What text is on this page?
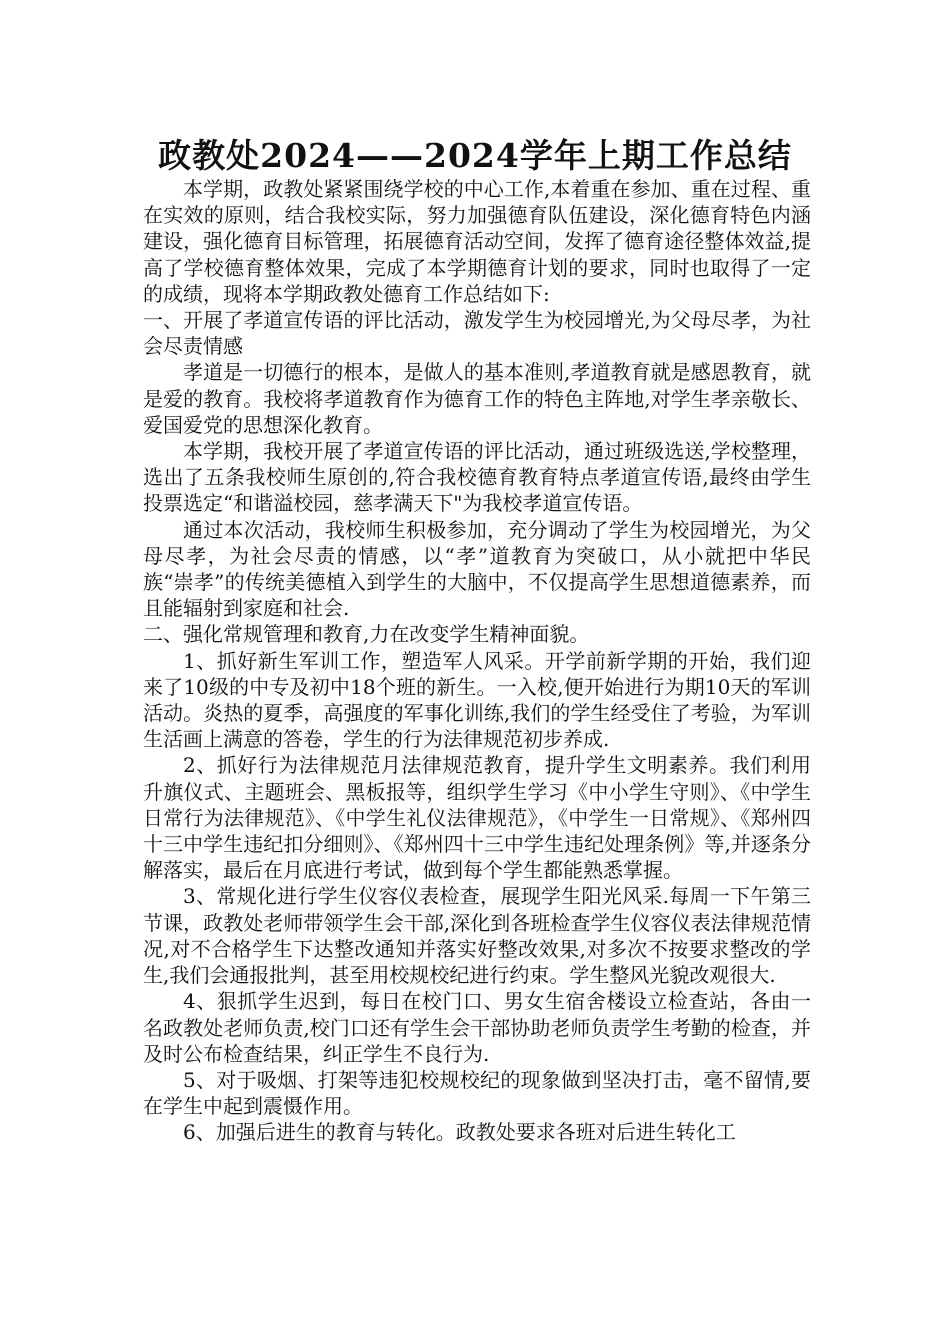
政教处2024——2024学年上期工作总结

本学期，政教处紧紧围绕学校的中心工作,本着重在参加、重在过程、重在实效的原则，结合我校实际，努力加强德育队伍建设，深化德育特色内涵建设，强化德育目标管理，拓展德育活动空间，发挥了德育途径整体效益,提高了学校德育整体效果，完成了本学期德育计划的要求，同时也取得了一定的成绩，现将本学期政教处德育工作总结如下:

一、开展了孝道宣传语的评比活动，激发学生为校园增光,为父母尽孝，为社会尽责情感

孝道是一切德行的根本，是做人的基本准则,孝道教育就是感恩教育，就是爱的教育。我校将孝道教育作为德育工作的特色主阵地,对学生孝亲敬长、爱国爱党的思想深化教育。

本学期，我校开展了孝道宣传语的评比活动，通过班级选送,学校整理，选出了五条我校师生原创的,符合我校德育教育特点孝道宣传语,最终由学生投票选定“和谐溢校园，慈孝满天下"为我校孝道宣传语。

通过本次活动，我校师生积极参加，充分调动了学生为校园增光，为父母尽孝，为社会尽责的情感，以“孝”道教育为突破口，从小就把中华民族“崇孝”的传统美德植入到学生的大脑中，不仅提高学生思想道德素养，而且能辐射到家庭和社会.

二、强化常规管理和教育,力在改变学生精神面貌。

1、抓好新生军训工作，塑造军人风采。开学前新学期的开始，我们迎来了10级的中专及初中18个班的新生。一入校,便开始进行为期10天的军训活动。炎热的夏季，高强度的军事化训练,我们的学生经受住了考验，为军训生活画上满意的答卷，学生的行为法律规范初步养成.

2、抓好行为法律规范月法律规范教育，提升学生文明素养。我们利用升旗仪式、主题班会、黑板报等，组织学生学习《中小学生守则》、《中学生日常行为法律规范》、《中学生礼仪法律规范》，《中学生一日常规》、《郑州四十三中学生违纪扣分细则》、《郑州四十三中学生违纪处理条例》等,并逐条分解落实，最后在月底进行考试，做到每个学生都能熟悉掌握。

3、常规化进行学生仪容仪表检查，展现学生阳光风采.每周一下午第三节课，政教处老师带领学生会干部,深化到各班检查学生仪容仪表法律规范情况,对不合格学生下达整改通知并落实好整改效果,对多次不按要求整改的学生,我们会通报批判，甚至用校规校纪进行约束。学生整风光貌改观很大.

4、狠抓学生迟到，每日在校门口、男女生宿舍楼设立检查站，各由一名政教处老师负责,校门口还有学生会干部协助老师负责学生考勤的检查，并及时公布检查结果，纠正学生不良行为.

5、对于吸烟、打架等违犯校规校纪的现象做到坚决打击，毫不留情,要在学生中起到震慑作用。

6、加强后进生的教育与转化。政教处要求各班对后进生转化工
